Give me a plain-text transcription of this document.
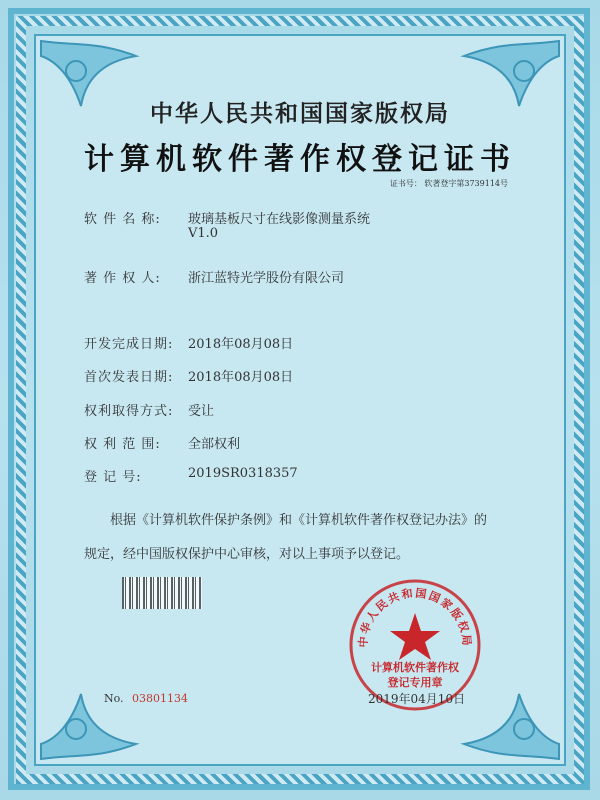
中华人民共和国国家版权局
计算机软件著作权登记证书
证书号： 软著登字第3739114号
软 件 名 称: 玻璃基板尺寸在线影像测量系统
V1.0
著 作 权 人: 浙江蓝特光学股份有限公司
开发完成日期: 2018年08月08日
首次发表日期: 2018年08月08日
权利取得方式: 受让
权 利 范 围: 全部权利
登 记 号:	2019SR0318357
根据《计算机软件保护条例》和《计算机软件著作权登记办法》的
规定，经中国版权保护中心审核，对以上事项予以登记。
No. 03801134
中华人民共和国国家版权局
计算机软件著作权
登记专用章
2019年04月10日
